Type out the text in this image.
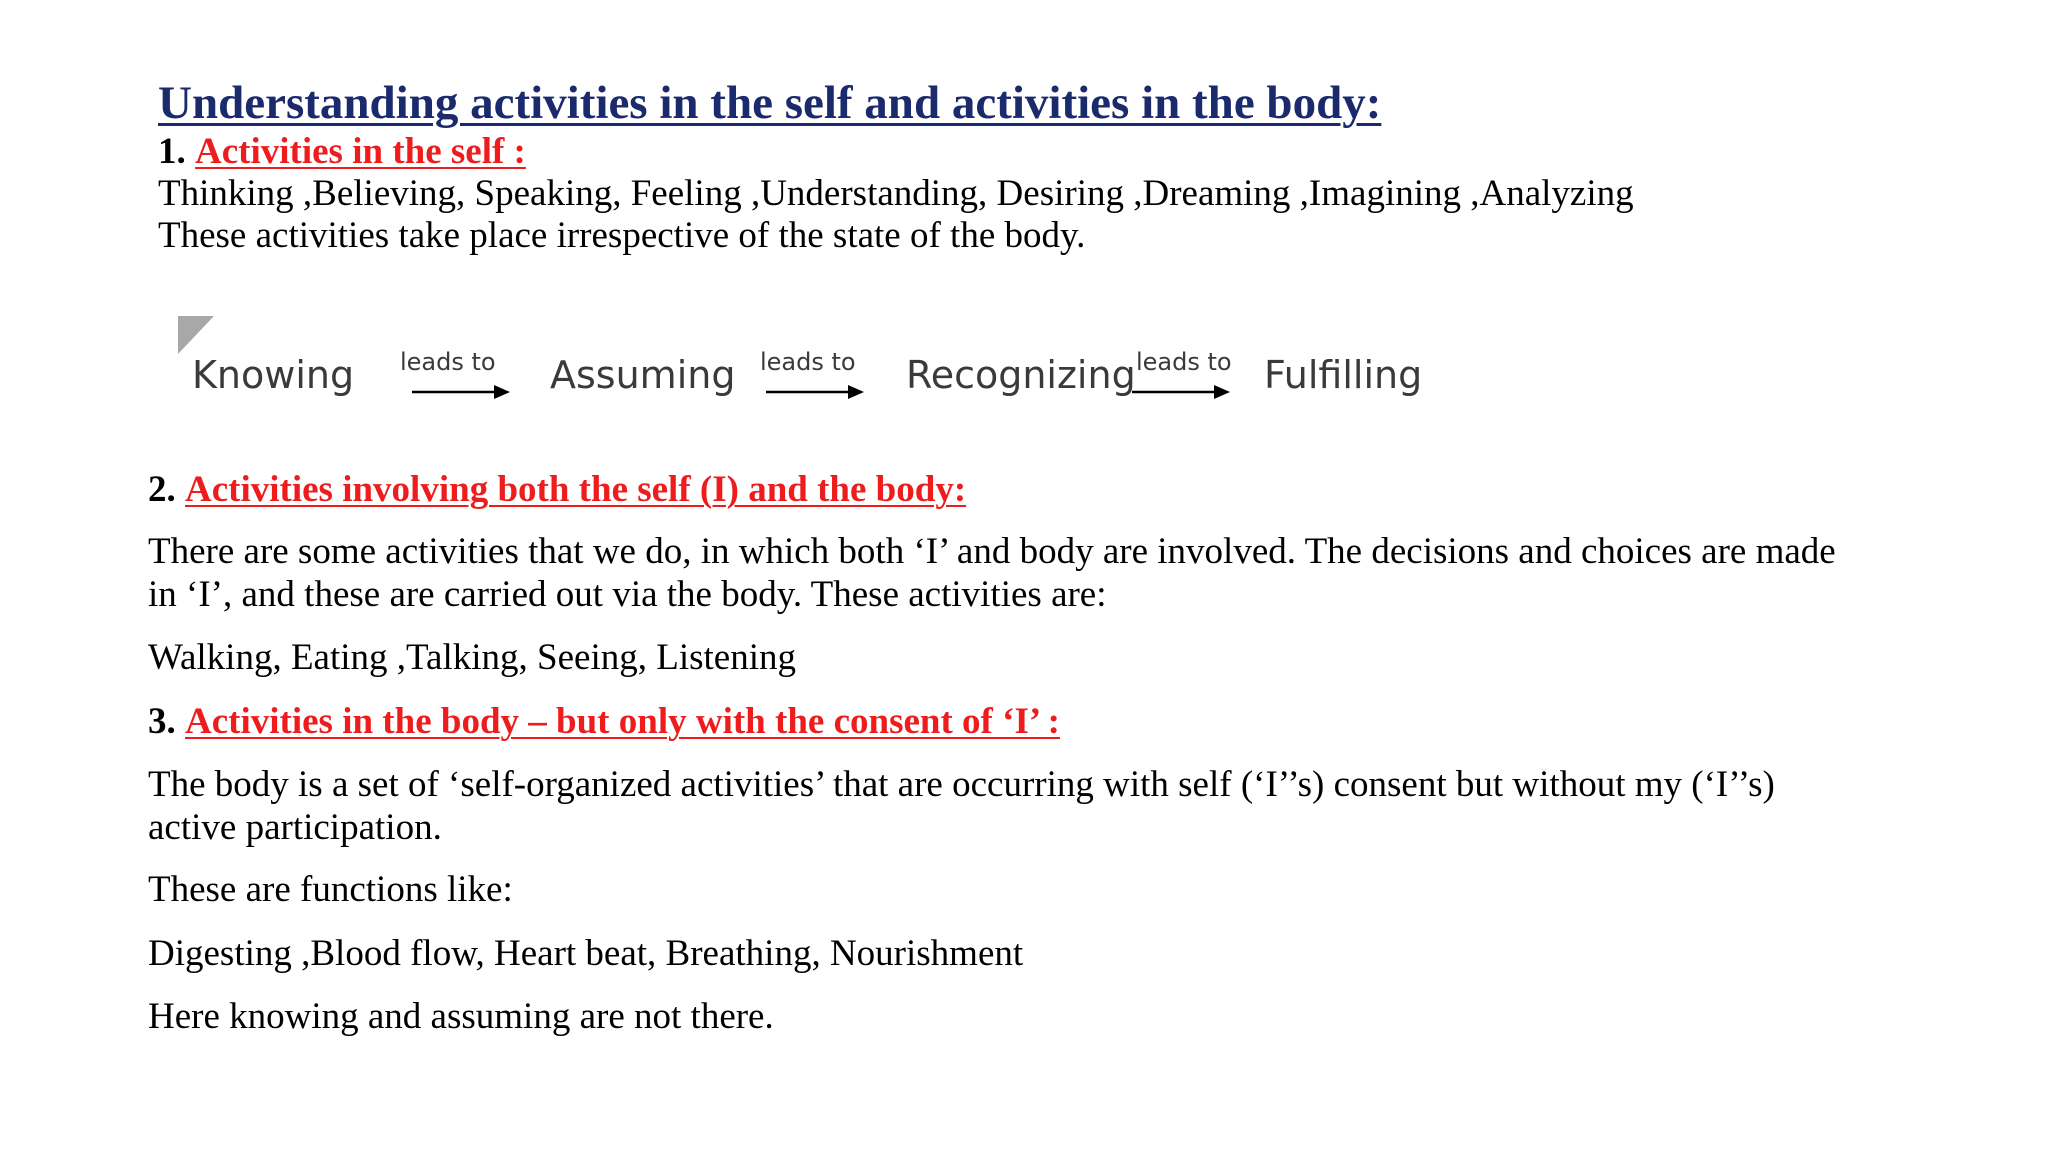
Understanding activities in the self and activities in the body:
1. Activities in the self :
Thinking ,Believing, Speaking, Feeling ,Understanding, Desiring ,Dreaming ,Imagining ,Analyzing
These activities take place irrespective of the state of the body.
Knowing leads to Assuming leads to Recognizing leads to Fulfilling
2. Activities involving both the self (I) and the body:
There are some activities that we do, in which both ‘I’ and body are involved. The decisions and choices are made in ‘I’, and these are carried out via the body. These activities are:
Walking, Eating ,Talking, Seeing, Listening
3. Activities in the body – but only with the consent of ‘I’ :
The body is a set of ‘self-organized activities’ that are occurring with self (‘I’’s) consent but without my (‘I’’s) active participation.
These are functions like:
Digesting ,Blood flow, Heart beat, Breathing, Nourishment
Here knowing and assuming are not there.
